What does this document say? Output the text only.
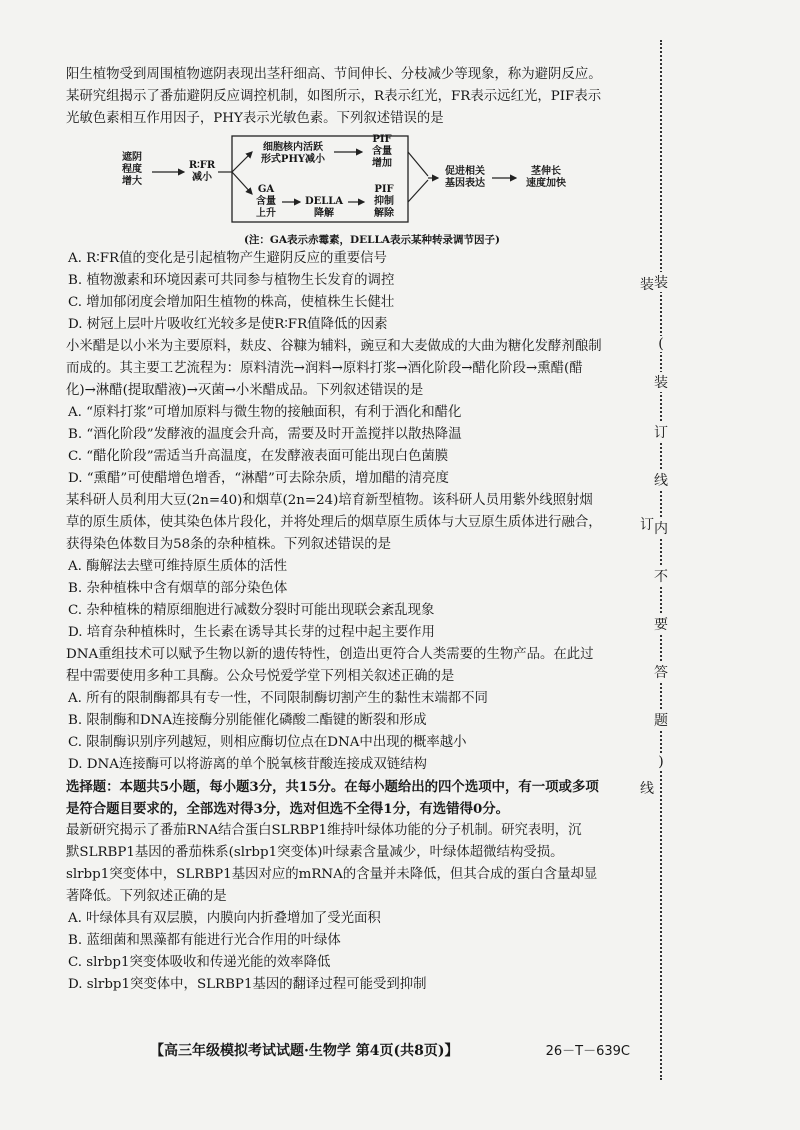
阳生植物受到周围植物遮阴表现出茎秆细高、节间伸长、分枝减少等现象，称为避阴反应。
某研究组揭示了番茄避阴反应调控机制，如图所示，R表示红光，FR表示远红光，PIF表示
光敏色素相互作用因子，PHY表示光敏色素。下列叙述错误的是
遮阴
程度
增大
R∶FR
减小
细胞核内活跃
形式PHY减小
PIF
含量
增加
GA
含量
上升
DELLA
降解
PIF
抑制
解除
促进相关
基因表达
茎伸长
速度加快
(注：GA表示赤霉素，DELLA表示某种转录调节因子)
A. R∶FR值的变化是引起植物产生避阴反应的重要信号
B. 植物激素和环境因素可共同参与植物生长发育的调控
C. 增加郁闭度会增加阳生植物的株高，使植株生长健壮
D. 树冠上层叶片吸收红光较多是使R∶FR值降低的因素
小米醋是以小米为主要原料，麸皮、谷糠为辅料，豌豆和大麦做成的大曲为糖化发酵剂酿制
而成的。其主要工艺流程为：原料清洗→润料→原料打浆→酒化阶段→醋化阶段→熏醋(醋
化)→淋醋(提取醋液)→灭菌→小米醋成品。下列叙述错误的是
A. “原料打浆”可增加原料与微生物的接触面积，有利于酒化和醋化
B. “酒化阶段”发酵液的温度会升高，需要及时开盖搅拌以散热降温
C. “醋化阶段”需适当升高温度，在发酵液表面可能出现白色菌膜
D. “熏醋”可使醋增色增香，“淋醋”可去除杂质，增加醋的清亮度
某科研人员利用大豆(2n=40)和烟草(2n=24)培育新型植物。该科研人员用紫外线照射烟
草的原生质体，使其染色体片段化，并将处理后的烟草原生质体与大豆原生质体进行融合，
获得染色体数目为58条的杂种植株。下列叙述错误的是
A. 酶解法去壁可维持原生质体的活性
B. 杂种植株中含有烟草的部分染色体
C. 杂种植株的精原细胞进行减数分裂时可能出现联会紊乱现象
D. 培育杂种植株时，生长素在诱导其长芽的过程中起主要作用
DNA重组技术可以赋予生物以新的遗传特性，创造出更符合人类需要的生物产品。在此过
程中需要使用多种工具酶。公众号悦爱学堂下列相关叙述正确的是
A. 所有的限制酶都具有专一性，不同限制酶切割产生的黏性末端都不同
B. 限制酶和DNA连接酶分别能催化磷酸二酯键的断裂和形成
C. 限制酶识别序列越短，则相应酶切位点在DNA中出现的概率越小
D. DNA连接酶可以将游离的单个脱氧核苷酸连接成双链结构
选择题：本题共5小题，每小题3分，共15分。在每小题给出的四个选项中，有一项或多项
是符合题目要求的，全部选对得3分，选对但选不全得1分，有选错得0分。
最新研究揭示了番茄RNA结合蛋白SLRBP1维持叶绿体功能的分子机制。研究表明，沉
默SLRBP1基因的番茄株系(slrbp1突变体)叶绿素含量减少，叶绿体超微结构受损。
slrbp1突变体中，SLRBP1基因对应的mRNA的含量并未降低，但其合成的蛋白含量却显
著降低。下列叙述正确的是
A. 叶绿体具有双层膜，内膜向内折叠增加了受光面积
B. 蓝细菌和黑藻都有能进行光合作用的叶绿体
C. slrbp1突变体吸收和传递光能的效率降低
D. slrbp1突变体中，SLRBP1基因的翻译过程可能受到抑制
装
(
装
订
线
内
不
要
答
题
)
装
订
线
【高三年级模拟考试试题·生物学 第4页(共8页)】	26－T－639C
